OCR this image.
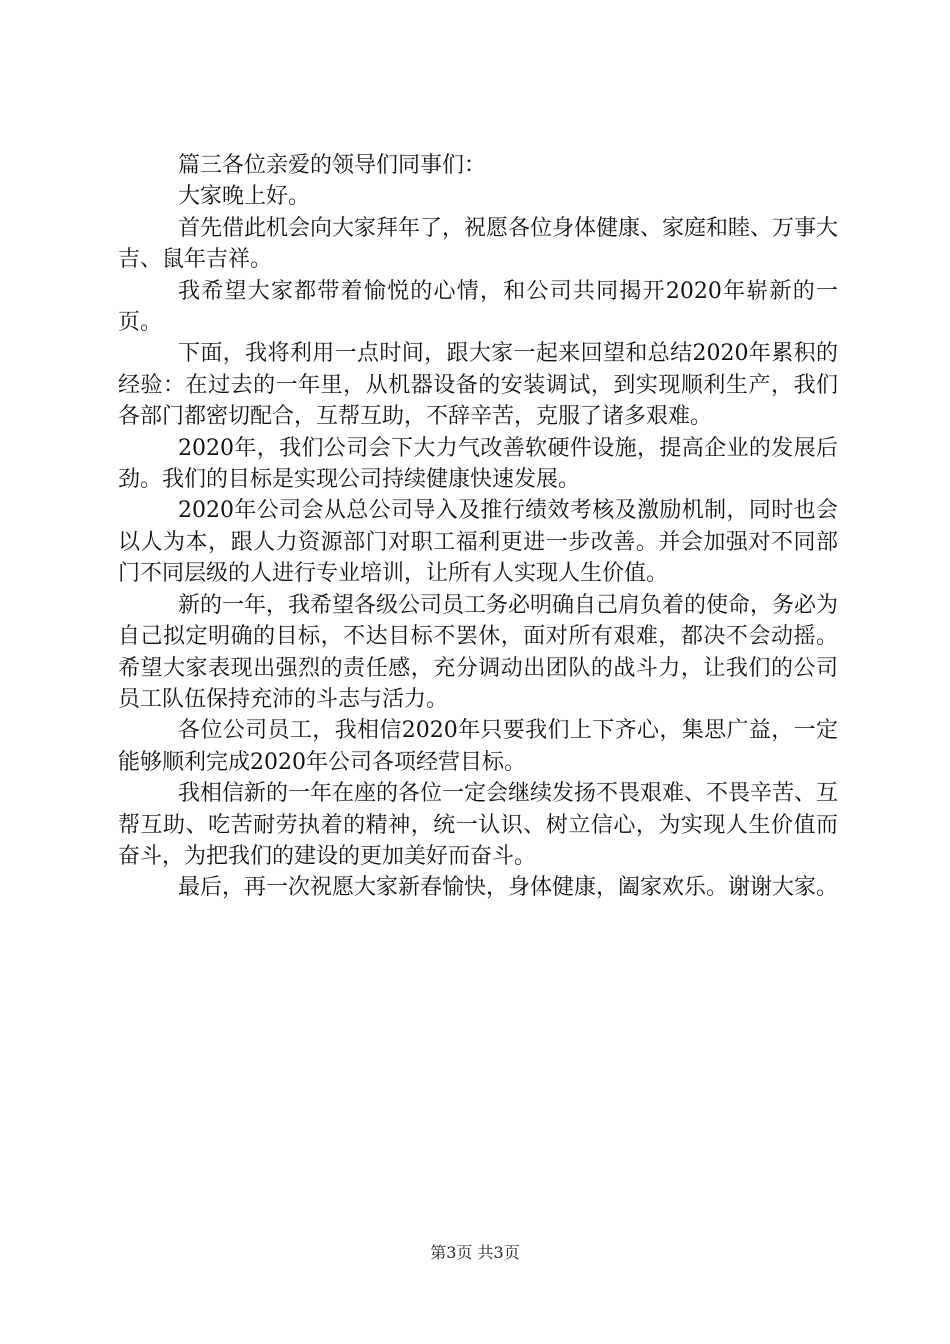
篇三各位亲爱的领导们同事们：

大家晚上好。

首先借此机会向大家拜年了，祝愿各位身体健康、家庭和睦、万事大吉、鼠年吉祥。

我希望大家都带着愉悦的心情，和公司共同揭开2020年崭新的一页。

下面，我将利用一点时间，跟大家一起来回望和总结2020年累积的经验：在过去的一年里，从机器设备的安装调试，到实现顺利生产，我们各部门都密切配合，互帮互助，不辞辛苦，克服了诸多艰难。

2020年，我们公司会下大力气改善软硬件设施，提高企业的发展后劲。我们的目标是实现公司持续健康快速发展。

2020年公司会从总公司导入及推行绩效考核及激励机制，同时也会以人为本，跟人力资源部门对职工福利更进一步改善。并会加强对不同部门不同层级的人进行专业培训，让所有人实现人生价值。

新的一年，我希望各级公司员工务必明确自己肩负着的使命，务必为自己拟定明确的目标，不达目标不罢休，面对所有艰难，都决不会动摇。希望大家表现出强烈的责任感，充分调动出团队的战斗力，让我们的公司员工队伍保持充沛的斗志与活力。

各位公司员工，我相信2020年只要我们上下齐心，集思广益，一定能够顺利完成2020年公司各项经营目标。

我相信新的一年在座的各位一定会继续发扬不畏艰难、不畏辛苦、互帮互助、吃苦耐劳执着的精神，统一认识、树立信心，为实现人生价值而奋斗，为把我们的建设的更加美好而奋斗。

最后，再一次祝愿大家新春愉快，身体健康，阖家欢乐。谢谢大家。

第3页 共3页
